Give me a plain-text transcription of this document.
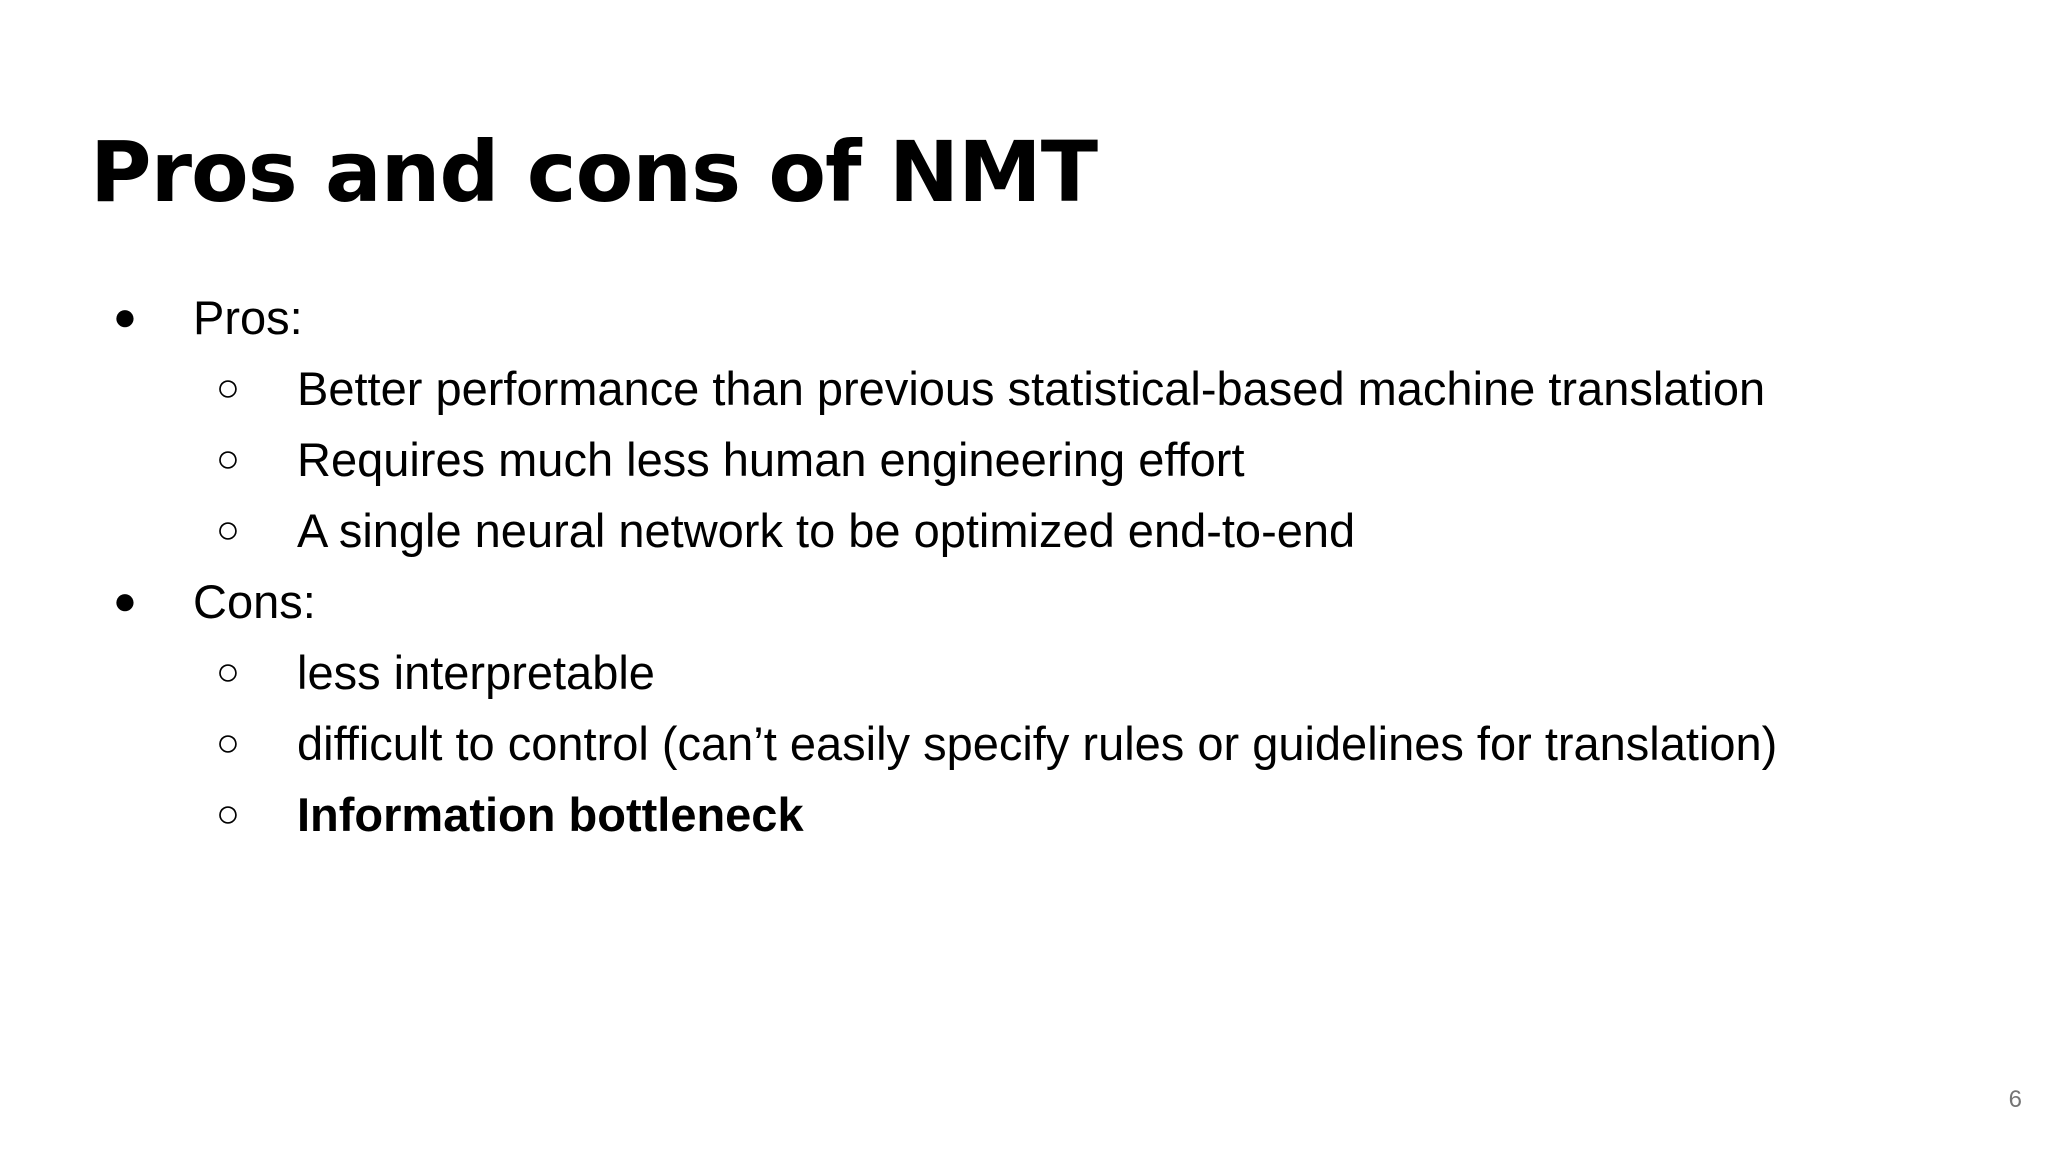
Pros and cons of NMT
● Pros:
○ Better performance than previous statistical-based machine translation
○ Requires much less human engineering effort
○ A single neural network to be optimized end-to-end
● Cons:
○ less interpretable
○ difficult to control (can’t easily specify rules or guidelines for translation)
○ Information bottleneck
6
